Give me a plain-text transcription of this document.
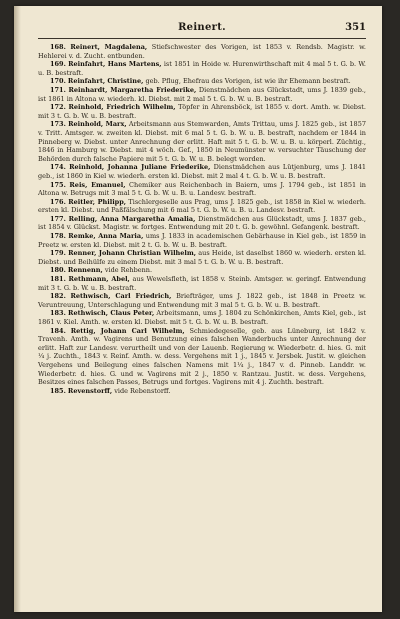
Reinert.	351

168. Reinert, Magdalena, Stiefschwester des Vorigen, ist 1853 v. Rendsb. Magistr. w. Hehlerei v. d. Zucht. entbunden.

169. Reinfahrt, Hans Martens, ist 1851 in Hoide w. Hurenwirthschaft mit 4 mal 5 t. G. b. W. u. B. bestraft.

170. Reinfahrt, Christine, geb. Pflug, Ehefrau des Vorigen, ist wie ihr Ehemann bestraft.

171. Reinhardt, Margaretha Friederike, Dienstmädchen aus Glückstadt, ums J. 1839 geb., ist 1861 in Altona w. wiederh. kl. Diebst. mit 2 mal 5 t. G. b. W. u. B. bestraft.

172. Reinhold, Friedrich Wilhelm, Töpfer in Ahrensböck, ist 1855 v. dort. Amth. w. Diebst. mit 3 t. G. b. W. u. B. bestraft.

173. Reinhold, Marx, Arbeitsmann aus Stemwarden, Amts Trittau, ums J. 1825 geb., ist 1857 v. Tritt. Amtsger. w. zweiten kl. Diebst. mit 6 mal 5 t. G. b. W. u. B. bestraft, nachdem er 1844 in Pinneberg w. Diebst. unter Anrechnung der erlitt. Haft mit 5 t. G. b. W. u. B. u. körperl. Züchtig., 1846 in Hamburg w. Diebst. mit 4 wöch. Gef., 1850 in Neumünster w. versuchter Täuschung der Behörden durch falsche Papiere mit 5 t. G. b. W. u. B. belegt worden.

174. Reinhold, Johanna Juliane Friederike, Dienstmädchen aus Lütjenburg, ums J. 1841 geb., ist 1860 in Kiel w. wiederh. ersten kl. Diebst. mit 2 mal 4 t. G. b. W. u. B. bestraft.

175. Reis, Emanuel, Chemiker aus Reichenbach in Baiern, ums J. 1794 geb., ist 1851 in Altona w. Betrugs mit 3 mal 5 t. G. b. W. u. B. u. Landesv. bestraft.

176. Reitler, Philipp, Tischlergeselle aus Prag, ums J. 1825 geb., ist 1858 in Kiel w. wiederh. ersten kl. Diebst. und Paßfälschung mit 6 mal 5 t. G. b. W. u. B. u. Landesv. bestraft.

177. Relling, Anna Margaretha Amalia, Dienstmädchen aus Glückstadt, ums J. 1837 geb., ist 1854 v. Glückst. Magistr. w. fortges. Entwendung mit 20 t. G. b. gewöhnl. Gefangenk. bestraft.

178. Remke, Anna Maria, ums J. 1833 in academischen Gebärhause in Kiel geb., ist 1859 in Preetz w. ersten kl. Diebst. mit 2 t. G. b. W. u. B. bestraft.

179. Renner, Johann Christian Wilhelm, aus Heide, ist daselbst 1860 w. wiederh. ersten kl. Diebst. und Beihülfe zu einem Diebst. mit 3 mal 5 t. G. b. W. u. B. bestraft.

180. Rennenn, vide Rehbenn.

181. Rethmann, Abel, aus Wewelsfleth, ist 1858 v. Steinb. Amtsger. w. geringf. Entwendung mit 3 t. G. b. W. u. B. bestraft.

182. Rethwisch, Carl Friedrich, Briefträger, ums J. 1822 geb., ist 1848 in Preetz w. Veruntreuung, Unterschlagung und Entwendung mit 3 mal 5 t. G. b. W. u. B. bestraft.

183. Rethwisch, Claus Peter, Arbeitsmann, ums J. 1804 zu Schönkirchen, Amts Kiel, geb., ist 1861 v. Kiel. Amth. w. ersten kl. Diebst. mit 5 t. G. b. W. u. B. bestraft.

184. Rettig, Johann Carl Wilhelm, Schmiedegeselle, geb. aus Lüneburg, ist 1842 v. Travenh. Amth. w. Vagirens und Benutzung eines falschen Wanderbuchs unter Anrechnung der erlitt. Haft zur Landesv. verurtheilt und von der Lauenb. Regierung w. Wiederbetr. d. hies. G. mit ¼ j. Zuchth., 1843 v. Reinf. Amth. w. dess. Vergehens mit 1 j., 1845 v. Jersbek. Justit. w. gleichen Vergehens und Beilegung eines falschen Namens mit 1¼ j., 1847 v. d. Pinneb. Landdr. w. Wiederbetr. d. hies. G. und w. Vagirens mit 2 j., 1850 v. Rantzau. Justit. w. dess. Vergehens, Besitzes eines falschen Passes, Betrugs und fortges. Vagirens mit 4 j. Zuchth. bestraft.

185. Revenstorff, vide Rebenstorff.
